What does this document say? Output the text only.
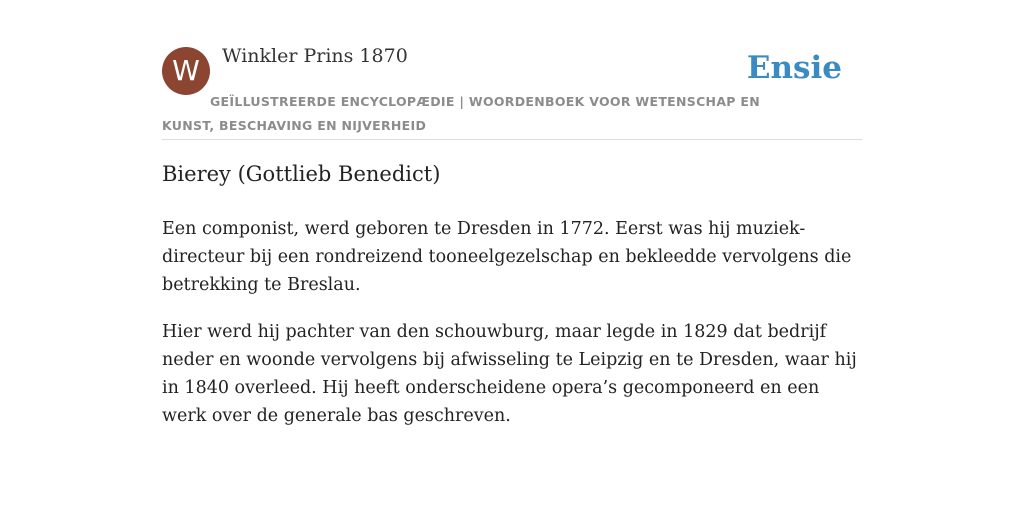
W	Winkler Prins 1870	Ensie
GEÏLLUSTREERDE ENCYCLOPÆDIE | WOORDENBOEK VOOR WETENSCHAP EN KUNST, BESCHAVING EN NIJVERHEID
Bierey (Gottlieb Benedict)

Een componist, werd geboren te Dresden in 1772. Eerst was hij muziek-directeur bij een rondreizend tooneelgezelschap en bekleedde vervolgens die betrekking te Breslau.

Hier werd hij pachter van den schouwburg, maar legde in 1829 dat bedrijf neder en woonde vervolgens bij afwisseling te Leipzig en te Dresden, waar hij in 1840 overleed. Hij heeft onderscheidene opera’s gecomponeerd en een werk over de generale bas geschreven.
